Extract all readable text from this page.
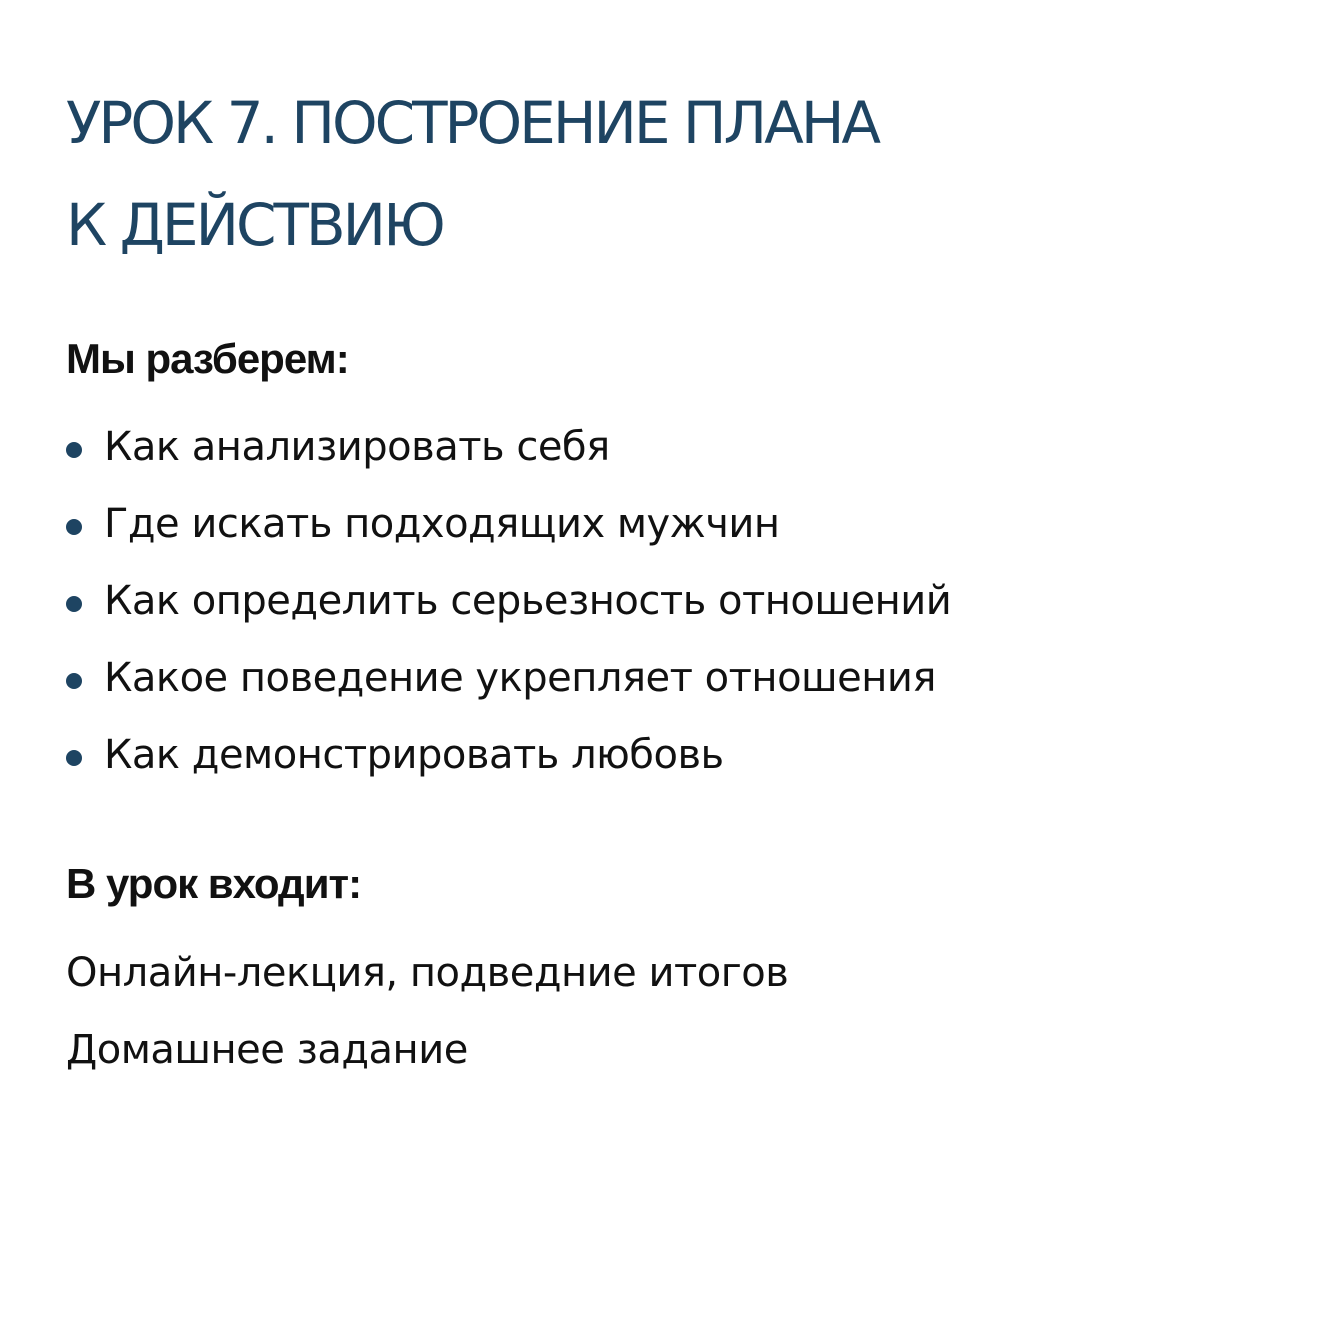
УРОК 7. ПОСТРОЕНИЕ ПЛАНА
К ДЕЙСТВИЮ
Мы разберем:
Как анализировать себя
Где искать подходящих мужчин
Как определить серьезность отношений
Какое поведение укрепляет отношения
Как демонстрировать любовь
В урок входит:
Онлайн-лекция, подведние итогов
Домашнее задание
